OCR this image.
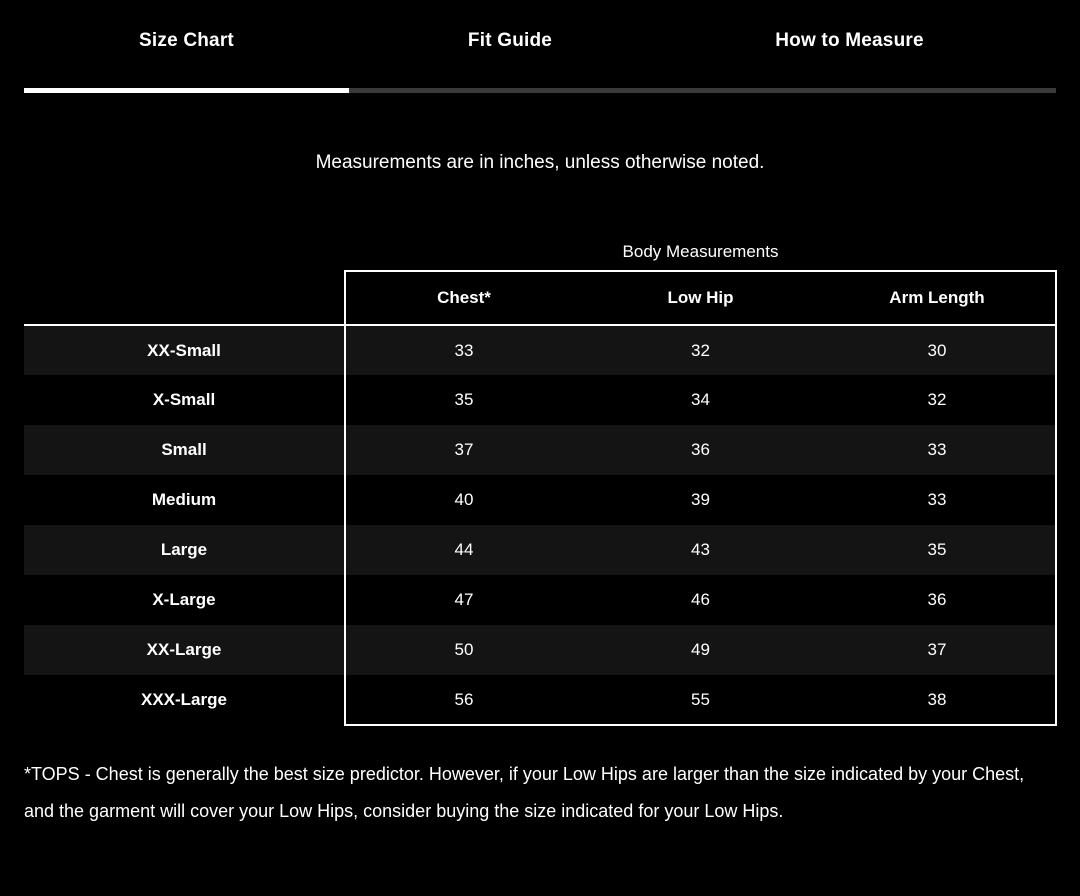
Size Chart	Fit Guide	How to Measure
Measurements are in inches, unless otherwise noted.
Body Measurements
	Chest*	Low Hip	Arm Length
XX-Small	33	32	30
X-Small	35	34	32
Small	37	36	33
Medium	40	39	33
Large	44	43	35
X-Large	47	46	36
XX-Large	50	49	37
XXX-Large	56	55	38
*TOPS - Chest is generally the best size predictor. However, if your Low Hips are larger than the size indicated by your Chest, and the garment will cover your Low Hips, consider buying the size indicated for your Low Hips.
